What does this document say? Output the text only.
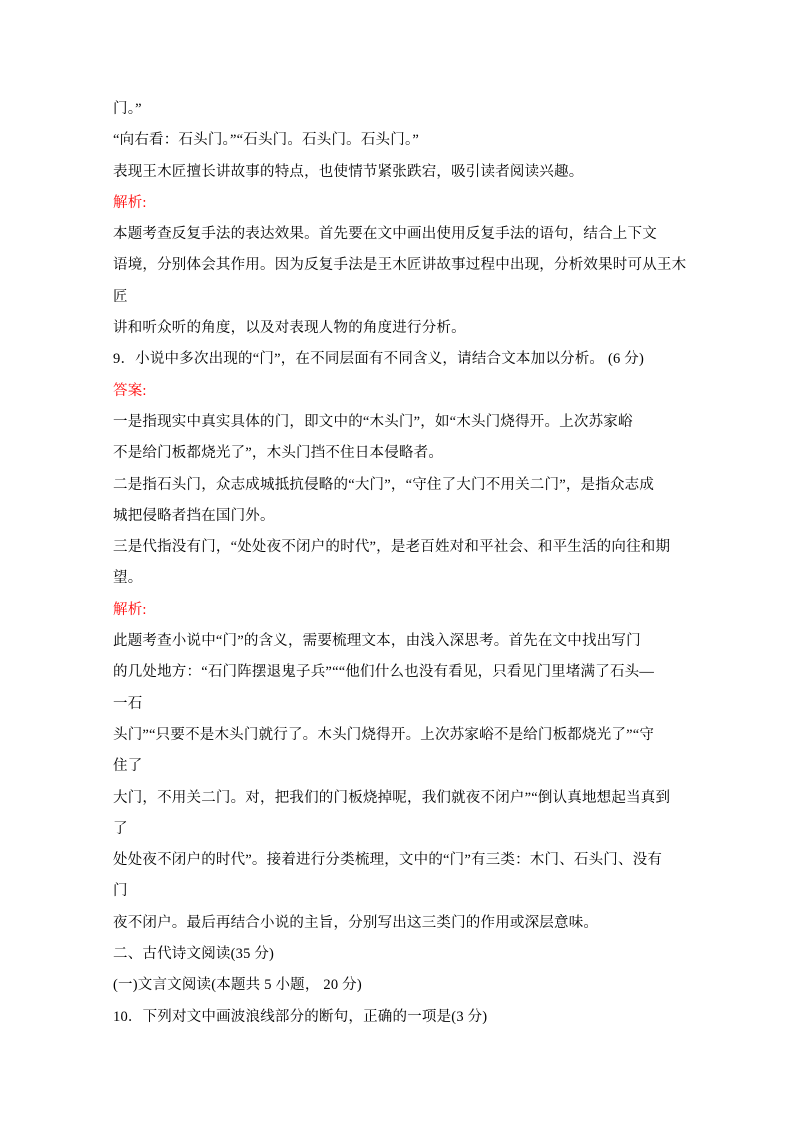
门。”
“向右看：石头门。”“石头门。石头门。石头门。”
表现王木匠擅长讲故事的特点，也使情节紧张跌宕，吸引读者阅读兴趣。
解析:
本题考查反复手法的表达效果。首先要在文中画出使用反复手法的语句，结合上下文
语境，分别体会其作用。因为反复手法是王木匠讲故事过程中出现，分析效果时可从王木
匠
讲和听众听的角度，以及对表现人物的角度进行分析。
9．小说中多次出现的“门”，在不同层面有不同含义，请结合文本加以分析。 (6 分)
答案:
一是指现实中真实具体的门，即文中的“木头门”，如“木头门烧得开。上次苏家峪
不是给门板都烧光了”，木头门挡不住日本侵略者。
二是指石头门，众志成城抵抗侵略的“大门”，“守住了大门不用关二门”，是指众志成
城把侵略者挡在国门外。
三是代指没有门，“处处夜不闭户的时代”，是老百姓对和平社会、和平生活的向往和期
望。
解析:
此题考查小说中“门”的含义，需要梳理文本，由浅入深思考。首先在文中找出写门
的几处地方：“石门阵摆退鬼子兵”““他们什么也没有看见，只看见门里堵满了石头—
一石
头门”“只要不是木头门就行了。木头门烧得开。上次苏家峪不是给门板都烧光了”“守
住了
大门，不用关二门。对，把我们的门板烧掉呢，我们就夜不闭户”“倒认真地想起当真到
了
处处夜不闭户的时代”。接着进行分类梳理，文中的“门”有三类：木门、石头门、没有
门
夜不闭户。最后再结合小说的主旨，分别写出这三类门的作用或深层意味。
二、古代诗文阅读(35 分)
(一)文言文阅读(本题共 5 小题， 20 分)
10．下列对文中画波浪线部分的断句，正确的一项是(3 分)
